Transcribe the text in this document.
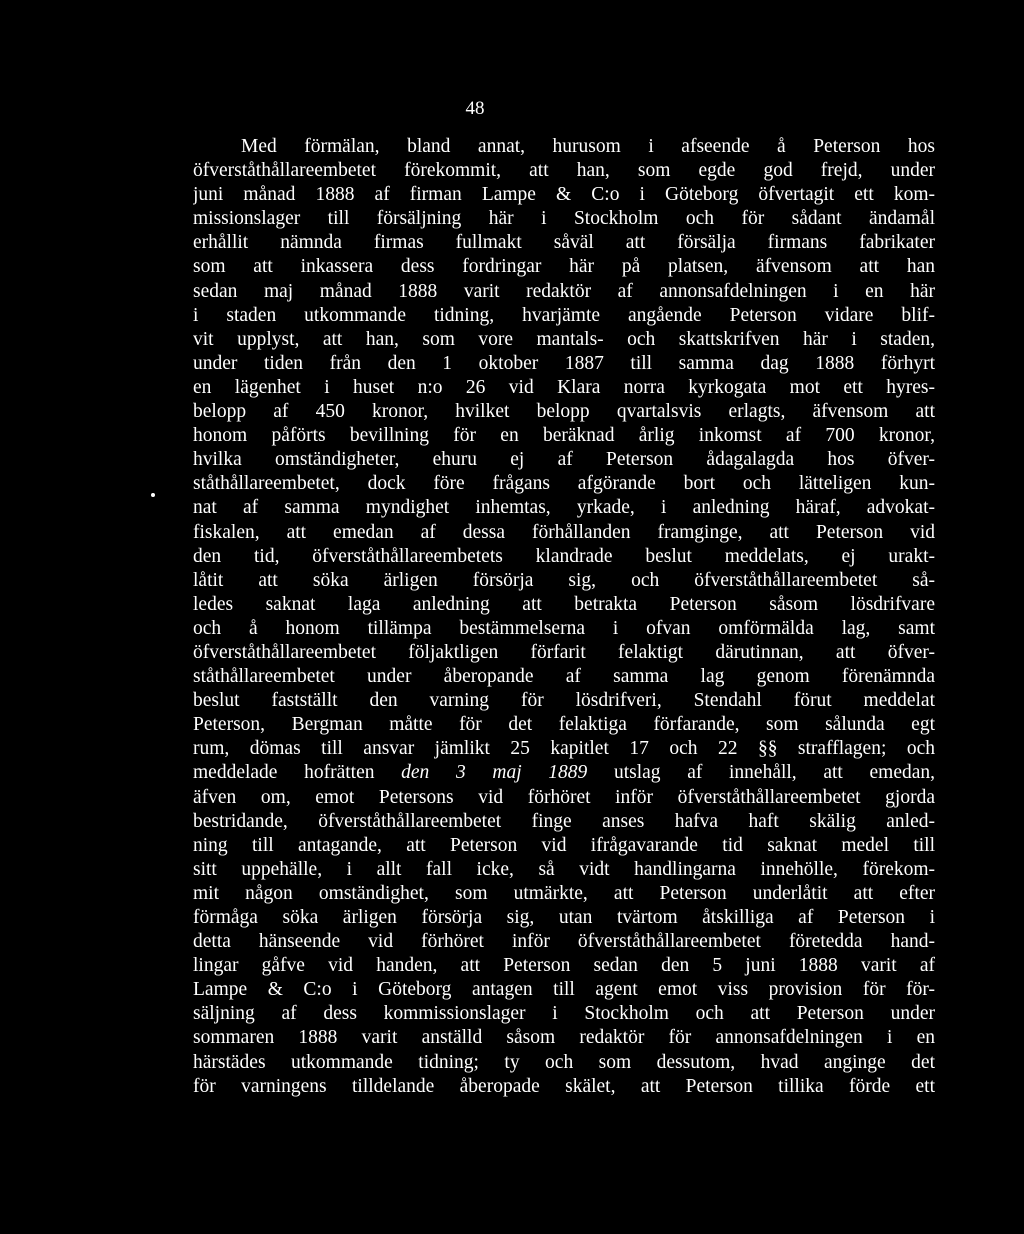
48
Med förmälan, bland annat, hurusom i afseende å Peterson hos
öfverståthållareembetet förekommit, att han, som egde god frejd, under
juni månad 1888 af firman Lampe & C:o i Göteborg öfvertagit ett kom-
missionslager till försäljning här i Stockholm och för sådant ändamål
erhållit nämnda firmas fullmakt såväl att försälja firmans fabrikater
som att inkassera dess fordringar här på platsen, äfvensom att han
sedan maj månad 1888 varit redaktör af annonsafdelningen i en här
i staden utkommande tidning, hvarjämte angående Peterson vidare blif-
vit upplyst, att han, som vore mantals- och skattskrifven här i staden,
under tiden från den 1 oktober 1887 till samma dag 1888 förhyrt
en lägenhet i huset n:o 26 vid Klara norra kyrkogata mot ett hyres-
belopp af 450 kronor, hvilket belopp qvartalsvis erlagts, äfvensom att
honom påförts bevillning för en beräknad årlig inkomst af 700 kronor,
hvilka omständigheter, ehuru ej af Peterson ådagalagda hos öfver-
ståthållareembetet, dock före frågans afgörande bort och lätteligen kun-
nat af samma myndighet inhemtas, yrkade, i anledning häraf, advokat-
fiskalen, att emedan af dessa förhållanden framginge, att Peterson vid
den tid, öfverståthållareembetets klandrade beslut meddelats, ej urakt-
låtit att söka ärligen försörja sig, och öfverståthållareembetet så-
ledes saknat laga anledning att betrakta Peterson såsom lösdrifvare
och å honom tillämpa bestämmelserna i ofvan omförmälda lag, samt
öfverståthållareembetet följaktligen förfarit felaktigt därutinnan, att öfver-
ståthållareembetet under åberopande af samma lag genom förenämnda
beslut fastställt den varning för lösdrifveri, Stendahl förut meddelat
Peterson, Bergman måtte för det felaktiga förfarande, som sålunda egt
rum, dömas till ansvar jämlikt 25 kapitlet 17 och 22 §§ strafflagen; och
meddelade hofrätten den 3 maj 1889 utslag af innehåll, att emedan,
äfven om, emot Petersons vid förhöret inför öfverståthållareembetet gjorda
bestridande, öfverståthållareembetet finge anses hafva haft skälig anled-
ning till antagande, att Peterson vid ifrågavarande tid saknat medel till
sitt uppehälle, i allt fall icke, så vidt handlingarna innehölle, förekom-
mit någon omständighet, som utmärkte, att Peterson underlåtit att efter
förmåga söka ärligen försörja sig, utan tvärtom åtskilliga af Peterson i
detta hänseende vid förhöret inför öfverståthållareembetet företedda hand-
lingar gåfve vid handen, att Peterson sedan den 5 juni 1888 varit af
Lampe & C:o i Göteborg antagen till agent emot viss provision för för-
säljning af dess kommissionslager i Stockholm och att Peterson under
sommaren 1888 varit anställd såsom redaktör för annonsafdelningen i en
härstädes utkommande tidning; ty och som dessutom, hvad anginge det
för varningens tilldelande åberopade skälet, att Peterson tillika förde ett
